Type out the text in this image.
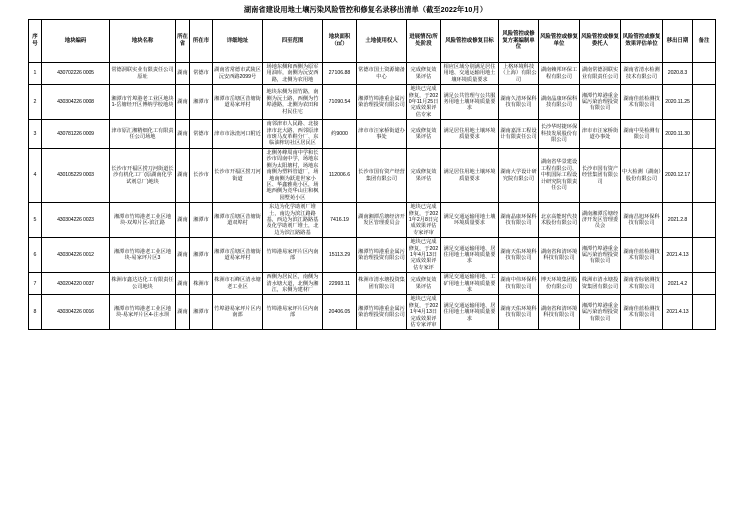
湖南省建设用地土壤污染风险管控和修复名录移出清单（截至2022年10月）
序号	地块编码	地块名称	所在省	所在市	详细地址	四至范围	地块面积（㎡）	土地使用权人	进展情况/所处阶段	风险管控或修复目标	风险管控或修复方案编制单位	风险管控或修复单位	风险管控或修复委托人	风险管控或修复效果评估单位	移出日期	备注
1	430702226 0005	常德洞联实业有限责任公司原址	湖南	常德市	湖南省常德市武陵区沅安西路2099号	场地东侧和西侧为原军用油库，南侧为沅安西路，北侧为农用地	27106.88	常德市国土资源储备中心	完成修复效果评估	相应区域分别满足居住用地、交通运输用地土壤环境质量要求	上格环境科技（上海）有限公司	湖南赖邦环保工程有限公司	湖南常德洞联实业有限责任公司	湖南省清水检测技术有限公司	2020.8.3	
2	430304226 0008	湘潭市竹埠港老工业区地块1-岳塘经开区博纳学校地块	湖南	湘潭市	湘潭市岳塘区昔塘街道易家坪村	地块东侧为园竹路，南侧为沅土路，西侧为竹埠港路，北侧为农田和村民住宅	71090.54	湘潭竹埠港重金属污染治理投资有限公司	地块已完成修复，于2020年11月25日完成效果评估专家	满足公共管理与公共服务用地土壤环境质量要求	湖南久清环保科技有限公司	湖南晶康环保科技有限公司	湘潭竹埠港重金属污染治理投资有限公司	湖南佳蓝检测技术有限公司	2020.11.25	
3	430781226 0009	津市原汇湘精细化工有限责任公司场地	湖南	常德市	津市市泳渣河口附近	南邻津市人民路、北接津市北大路、西邻原津市斑马皮革鞋分厂、东临油榨坊社区居民区	约9000	津市市汪家桥街道办事处	完成修复效果评估	满足居住用地土壤环境质量要求	湖南嘉泽工程设计有限责任公司	长沙华时捷环保科技发展股份有限公司	津市市汪家桥街道办事处	湖南中昊检测有限公司	2020.11.30	
4	430105229 0003	长沙市开福区捞刀河街道长沙有机化工厂(原湖南化学试剂总厂)地块	湖南	长沙市	长沙市开福区捞刀河街道	北侧务峰周南中学和长沙市周南中学，场地东侧为太阳塘村，场地东南侧为塑料管道厂，场地南侧为跃进世家小区、华鑫雅苑小区，场地西侧为竞华山庄和枫园墅苑小区	112006.6	长沙市国有资产经营集团有限公司	完成修复效果评估	满足居住用地土壤环境质量要求	湖南大学设计研究院有限公司	湖南省华景建设工程有限公司、中机国际工程设计研究院有限责任公司	长沙市国有资产经营集团有限公司	中大检测（湖南）股份有限公司	2020.12.17	
5	430304226 0023	湘潭市竹埠港老工业区地块-双埠片区-滨江路	湖南	湘潭市	湘潭市岳塘区昔塘街道双埠村	东边为化学助剂厂堆土，南边为滨江路路基，西边为滨江路路基及化学助剂厂堆土，北边为滨江路路基	7416.19	湖南湘潭岳塘经济开发区管理委员会	地块已完成修复，于2021年2月8日完成效果评估专家评审	满足交通运输用地土壤环境质量要求	湖南晶康环保科技有限公司	北京高能时代技术股份有限公司	湖南湘潭岳塘经济开发区管理委员会	湖南昌旭环保科技有限公司	2021.2.8	
6	430304226 0012	湘潭市竹埠港老工业区地块-易家坪片区3	湖南	湘潭市	湘潭市岳塘区昔塘街道易家坪村	竹埠港易家坪片区内南部	15113.29	湘潭竹埠港重金属污染治理投资有限公司	地块已完成修复，于2021年4月13日完成效果评估专家评	满足交通运输用地、居住用地土壤环境质量要求	湖南天佑环境科技有限公司	湖南省和清环境科技有限公司	湘潭竹埠港重金属污染治理投资有限公司	湖南佳蓝检测技术有限公司	2021.4.13	
7	430204220 0037	株洲市鑫达达化工有限责任公司地块	湖南	株洲市	株洲市石峰区清水塘老工业区	西侧为居民区，南侧为清水塘大道，北侧为湘江，东侧为建材厂	22993.11	株洲市清水塘投资集团有限公司	完成修复效果评估	满足交通运输用地、工矿用地土壤环境质量要求	湖南中伟环保科技有限公司	博天环境集团股份有限公司	株洲市清水塘投资集团有限公司	湖南省标铭测技术有限公司	2021.4.2	
8	430304226 0016	湘潭市竹埠港老工业区地块-易家坪片区4-注水坝	湖南	湘潭市	竹埠港易家坪片区内南部	竹埠港易家坪片区内南部	20406.05	湘潭竹埠港重金属污染治理投资有限公司	地块已完成修复，于2021年4月13日完成效果评估专家评审	满足交通运输用地、居住用地土壤环境质量要求	湖南天佑环境科技有限公司	湖南省和清环境科技有限公司	湘潭竹埠港重金属污染治理投资有限公司	湖南佳蓝检测技术有限公司	2021.4.13	
